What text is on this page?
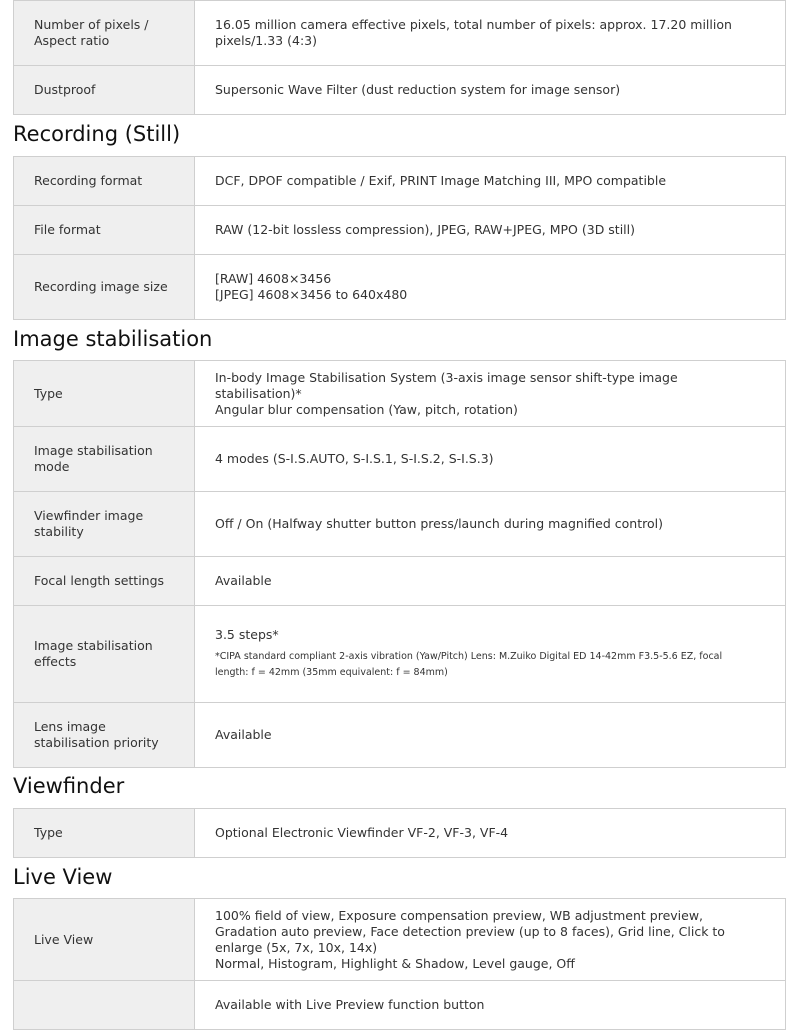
Number of pixels / Aspect ratio	16.05 million camera effective pixels, total number of pixels: approx. 17.20 million pixels/1.33 (4:3)

Dustproof	Supersonic Wave Filter (dust reduction system for image sensor)
Recording (Still)
Recording format	DCF, DPOF compatible / Exif, PRINT Image Matching III, MPO compatible

File format	RAW (12-bit lossless compression), JPEG, RAW+JPEG, MPO (3D still)

Recording image size	[RAW] 4608×3456
[JPEG] 4608×3456 to 640x480
Image stabilisation
Type	In-body Image Stabilisation System (3-axis image sensor shift-type image stabilisation)*
Angular blur compensation (Yaw, pitch, rotation)

Image stabilisation mode	4 modes (S-I.S.AUTO, S-I.S.1, S-I.S.2, S-I.S.3)

Viewfinder image stability	Off / On (Halfway shutter button press/launch during magnified control)

Focal length settings	Available

Image stabilisation effects	3.5 steps*
*CIPA standard compliant 2-axis vibration (Yaw/Pitch) Lens: M.Zuiko Digital ED 14-42mm F3.5-5.6 EZ, focal length: f = 42mm (35mm equivalent: f = 84mm)

Lens image stabilisation priority	Available
Viewfinder
Type	Optional Electronic Viewfinder VF-2, VF-3, VF-4
Live View
Live View	100% field of view, Exposure compensation preview, WB adjustment preview, Gradation auto preview, Face detection preview (up to 8 faces), Grid line, Click to enlarge (5x, 7x, 10x, 14x)
Normal, Histogram, Highlight & Shadow, Level gauge, Off

	Available with Live Preview function button
